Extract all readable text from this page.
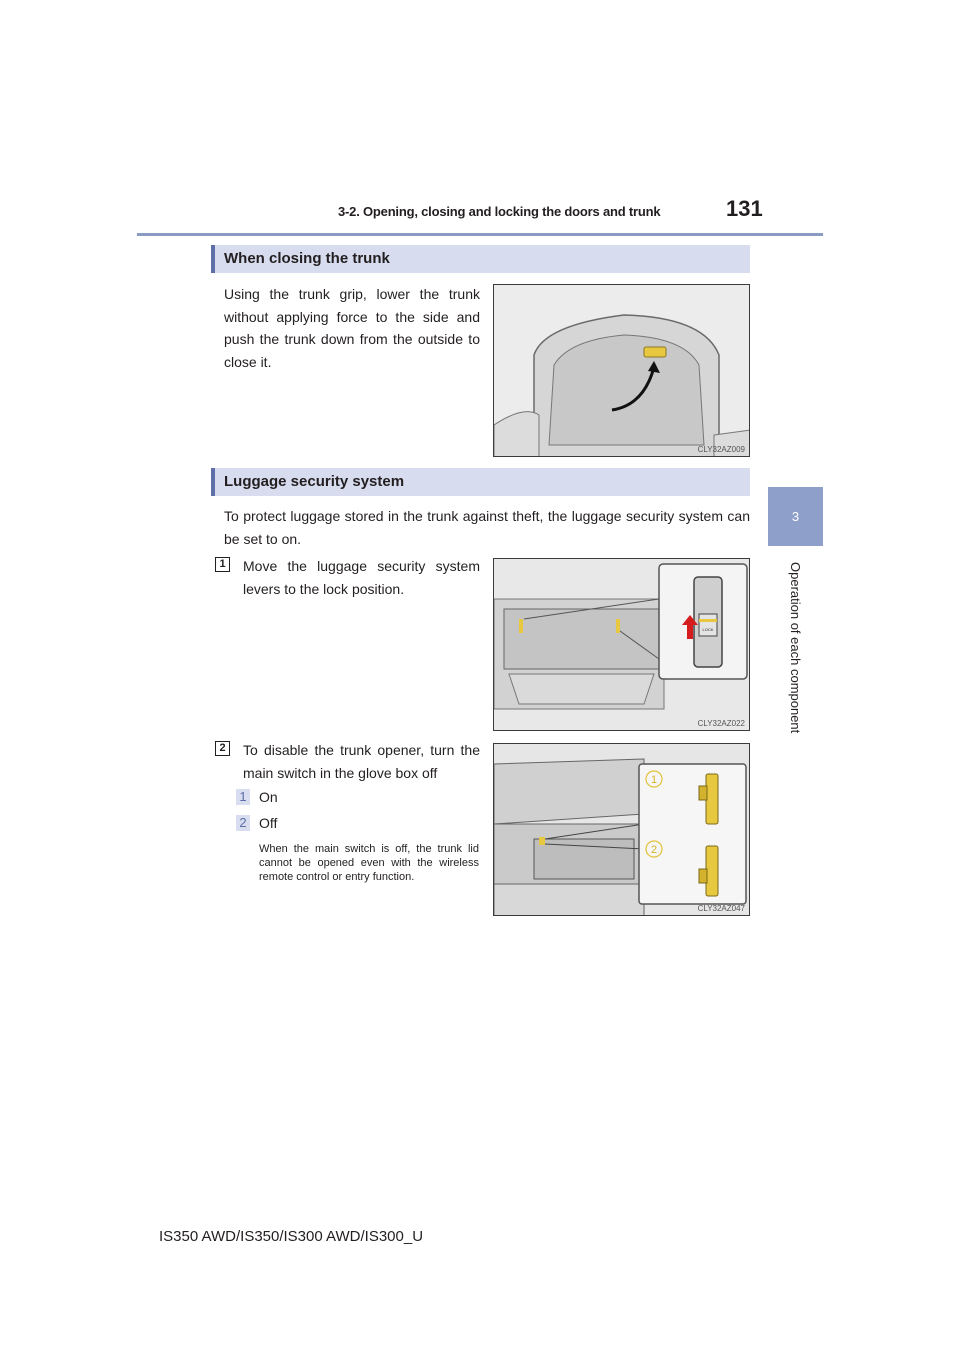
3-2. Opening, closing and locking the doors and trunk	131
3
Operation of each component
When closing the trunk
Using the trunk grip, lower the trunk without applying force to the side and push the trunk down from the outside to close it.
CLY32AZ009
Luggage security system
To protect luggage stored in the trunk against theft, the luggage security system can be set to on.
1	Move the luggage security system levers to the lock position.
LOCK
CLY32AZ022
2	To disable the trunk opener, turn the main switch in the glove box off
1 On
2 Off
When the main switch is off, the trunk lid cannot be opened even with the wireless remote control or entry function.
1
2
CLY32AZ047
IS350 AWD/IS350/IS300 AWD/IS300_U
